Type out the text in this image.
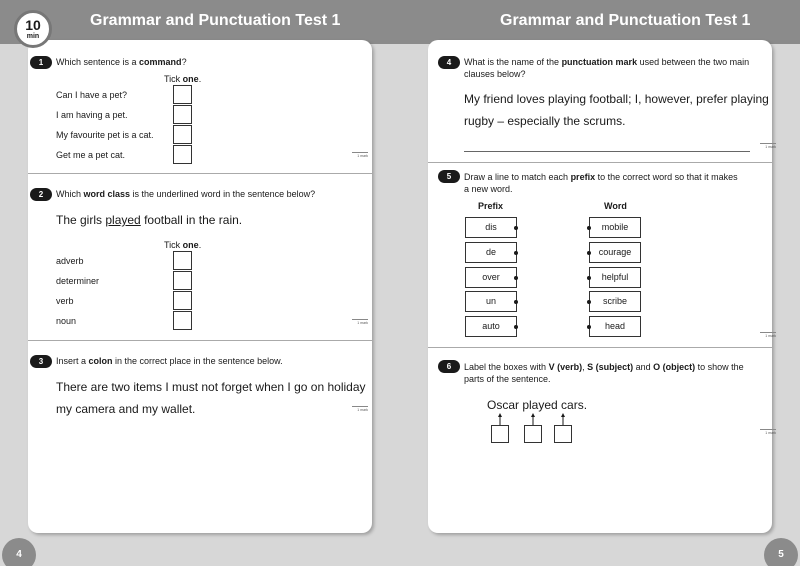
Grammar and Punctuation Test 1	Grammar and Punctuation Test 1
10
min
1	Which sentence is a command?
Tick one.
Can I have a pet?
I am having a pet.
My favourite pet is a cat.
Get me a pet cat.	1 mark
2	Which word class is the underlined word in the sentence below?
The girls played football in the rain.
Tick one.
adverb
determiner
verb
noun	1 mark
3	Insert a colon in the correct place in the sentence below.
There are two items I must not forget when I go on holiday
my camera and my wallet.	1 mark
4	What is the name of the punctuation mark used between the two main
clauses below?
My friend loves playing football; I, however, prefer playing
rugby – especially the scrums.
1 mark
5	Draw a line to match each prefix to the correct word so that it makes
a new word.
Prefix	Word
dis
de
over
un
auto
mobile
courage
helpful
scribe
head
1 mark
6	Label the boxes with V (verb), S (subject) and O (object) to show the
parts of the sentence.
Oscar played cars.
1 mark
4	5
